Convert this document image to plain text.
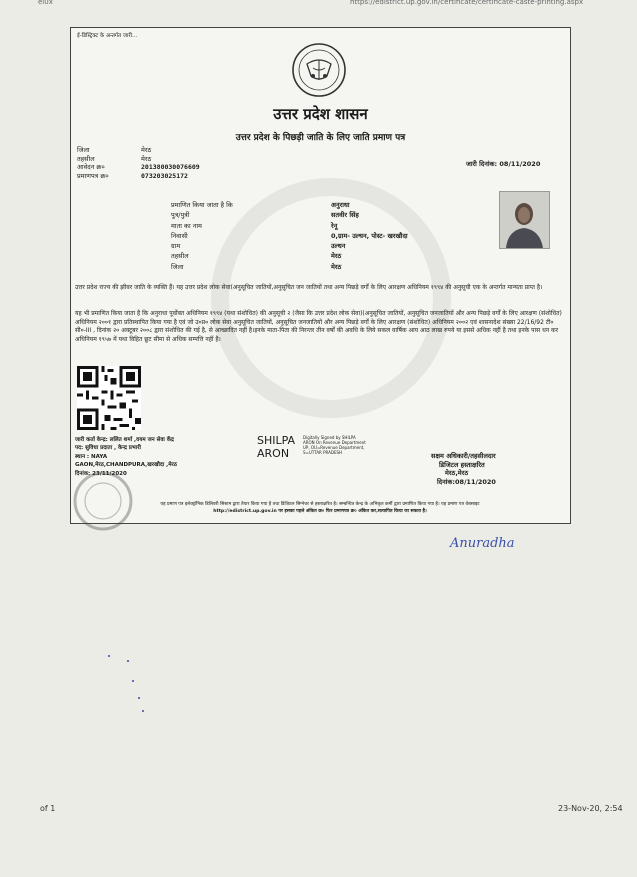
ei0x	https://edistrict.up.gov.in/certificate/certificate-caste-printing.aspx
ई-डिस्ट्रिक्ट के अन्तर्गत जारी...
उत्तर प्रदेश शासन
उत्तर प्रदेश के पिछड़ी जाति के लिए जाति प्रमाण पत्र
जिला	मेरठ
तहसील	मेरठ
आवेदन क्र०	201380030076609
प्रमाणपत्र क्र०	073203025172
जारी दिनांक: 08/11/2020
प्रमाणित किया जाता है कि	अनुराधा
पुत्र/पुत्री	सतवीर सिंह
माता का नाम	रेनू
निवासी	0,ग्राम- उल्धन, पोस्ट- खरखौदा
ग्राम	उल्धन
तहसील	मेरठ
जिला	मेरठ
उत्तर प्रदेश राज्य की झीवर जाति के व्यक्ति हैं। यह उत्तर प्रदेश लोक सेवा(अनुसूचित जातियों,अनुसूचित जन जातियों तथा अन्य पिछड़े वर्गों के लिए आरक्षण अधिनियम १९९४ की अनुसूची एक के अन्तर्गत मान्यता प्राप्त है।
यह भी प्रमाणित किया जाता है कि अनुराधा पूर्वोक्त अधिनियम १९९४ (यथा संशोधित) की अनुसूची २ (जैसा कि उत्तर प्रदेश लोक सेवा)(अनुसूचित जातियों, अनुसूचित जनजातियों और अन्य पिछड़े वर्गों के लिए आरक्षण (संशोधित) अधिनियम २००१ द्वारा प्रतिस्थापित किया गया है एवं जो उ०प्र० लोक सेवा अनुसूचित जातियों, अनुसूचित जनजातियों और अन्य पिछड़े वर्गों के लिए आरक्षण (संशोधित) अधिनियम २००२ एवं शासनादेश संख्या 22/16/92 टी० सी०-III , दिनांक २० अक्टूबर २००८ द्वारा संशोधित की गई है, से आच्छादित नहीं है।इनके माता-पिता की निरन्तर तीन वर्षों की अवधि के लिये सकल वार्षिक आय आठ लाख रुपये या इससे अधिक नहीं है तथा इनके पास धन कर अधिनियम १९५७ में यथा विहित छूट सीमा से अधिक सम्पत्ति नहीं है।
जारी कर्ता केन्द्र: ललित शर्मा ,वयम जन सेवा केंद्र
पद: सुविधा प्रदाता , केन्द्र प्रभारी
स्थान : NAYA
GAON,मेरठ,CHANDPURA,खरखौदा ,मेरठ
दिनांक: 23/11/2020
SHILPA
ARON
Digitally Signed by SHILPA
ARON On Revenue Department
UP, OU=Revenue Department,
S=UTTAR PRADESH	सक्षम अधिकारी/तहसीलदार
डिजिटल हस्ताक्षरित
मेरठ,मेरठ
दिनांक:08/11/2020
यह प्रमाण पत्र इलेक्ट्रॉनिक डिलिवरी सिस्टम द्वारा तैयार किया गया है तथा डिजिटल सिग्नेचर से हस्ताक्षरित है। सम्बन्धित केन्द्र के अभिकृत कर्मी द्वारा प्रमाणित किया गया है। यह प्रमाण पत्र वेबसाइट
http://edistrict.up.gov.in पर इसका पहले अंकित क्र० फिर प्रमाणपत्र क्र० अंकित कर,सत्यापित किया जा सकता है।
Anuradha
of 1	23-Nov-20, 2:54
